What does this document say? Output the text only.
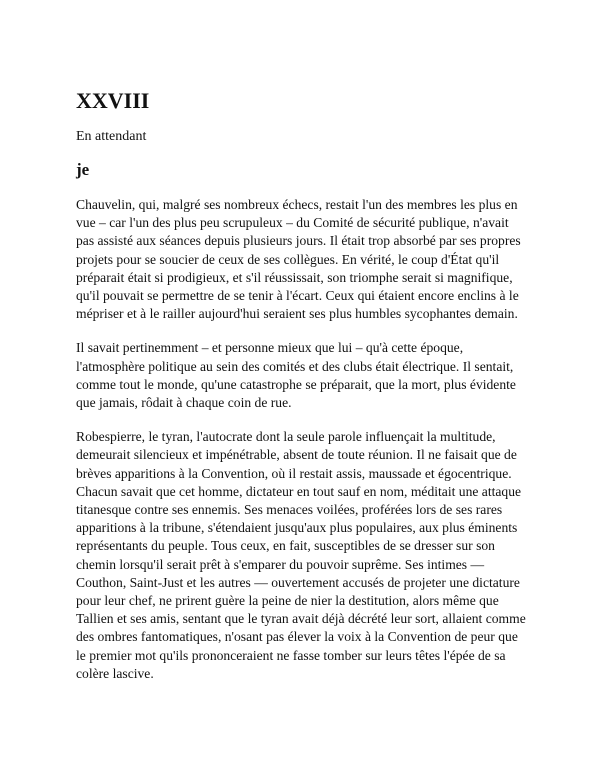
XXVIII
En attendant
je

Chauvelin, qui, malgré ses nombreux échecs, restait l'un des membres les plus en vue – car l'un des plus peu scrupuleux – du Comité de sécurité publique, n'avait pas assisté aux séances depuis plusieurs jours. Il était trop absorbé par ses propres projets pour se soucier de ceux de ses collègues. En vérité, le coup d'État qu'il préparait était si prodigieux, et s'il réussissait, son triomphe serait si magnifique, qu'il pouvait se permettre de se tenir à l'écart. Ceux qui étaient encore enclins à le mépriser et à le railler aujourd'hui seraient ses plus humbles sycophantes demain.

Il savait pertinemment – et personne mieux que lui – qu'à cette époque, l'atmosphère politique au sein des comités et des clubs était électrique. Il sentait, comme tout le monde, qu'une catastrophe se préparait, que la mort, plus évidente que jamais, rôdait à chaque coin de rue.

Robespierre, le tyran, l'autocrate dont la seule parole influençait la multitude, demeurait silencieux et impénétrable, absent de toute réunion. Il ne faisait que de brèves apparitions à la Convention, où il restait assis, maussade et égocentrique. Chacun savait que cet homme, dictateur en tout sauf en nom, méditait une attaque titanesque contre ses ennemis. Ses menaces voilées, proférées lors de ses rares apparitions à la tribune, s'étendaient jusqu'aux plus populaires, aux plus éminents représentants du peuple. Tous ceux, en fait, susceptibles de se dresser sur son chemin lorsqu'il serait prêt à s'emparer du pouvoir suprême. Ses intimes — Couthon, Saint-Just et les autres — ouvertement accusés de projeter une dictature pour leur chef, ne prirent guère la peine de nier la destitution, alors même que Tallien et ses amis, sentant que le tyran avait déjà décrété leur sort, allaient comme des ombres fantomatiques, n'osant pas élever la voix à la Convention de peur que le premier mot qu'ils prononceraient ne fasse tomber sur leurs têtes l'épée de sa colère lascive.
